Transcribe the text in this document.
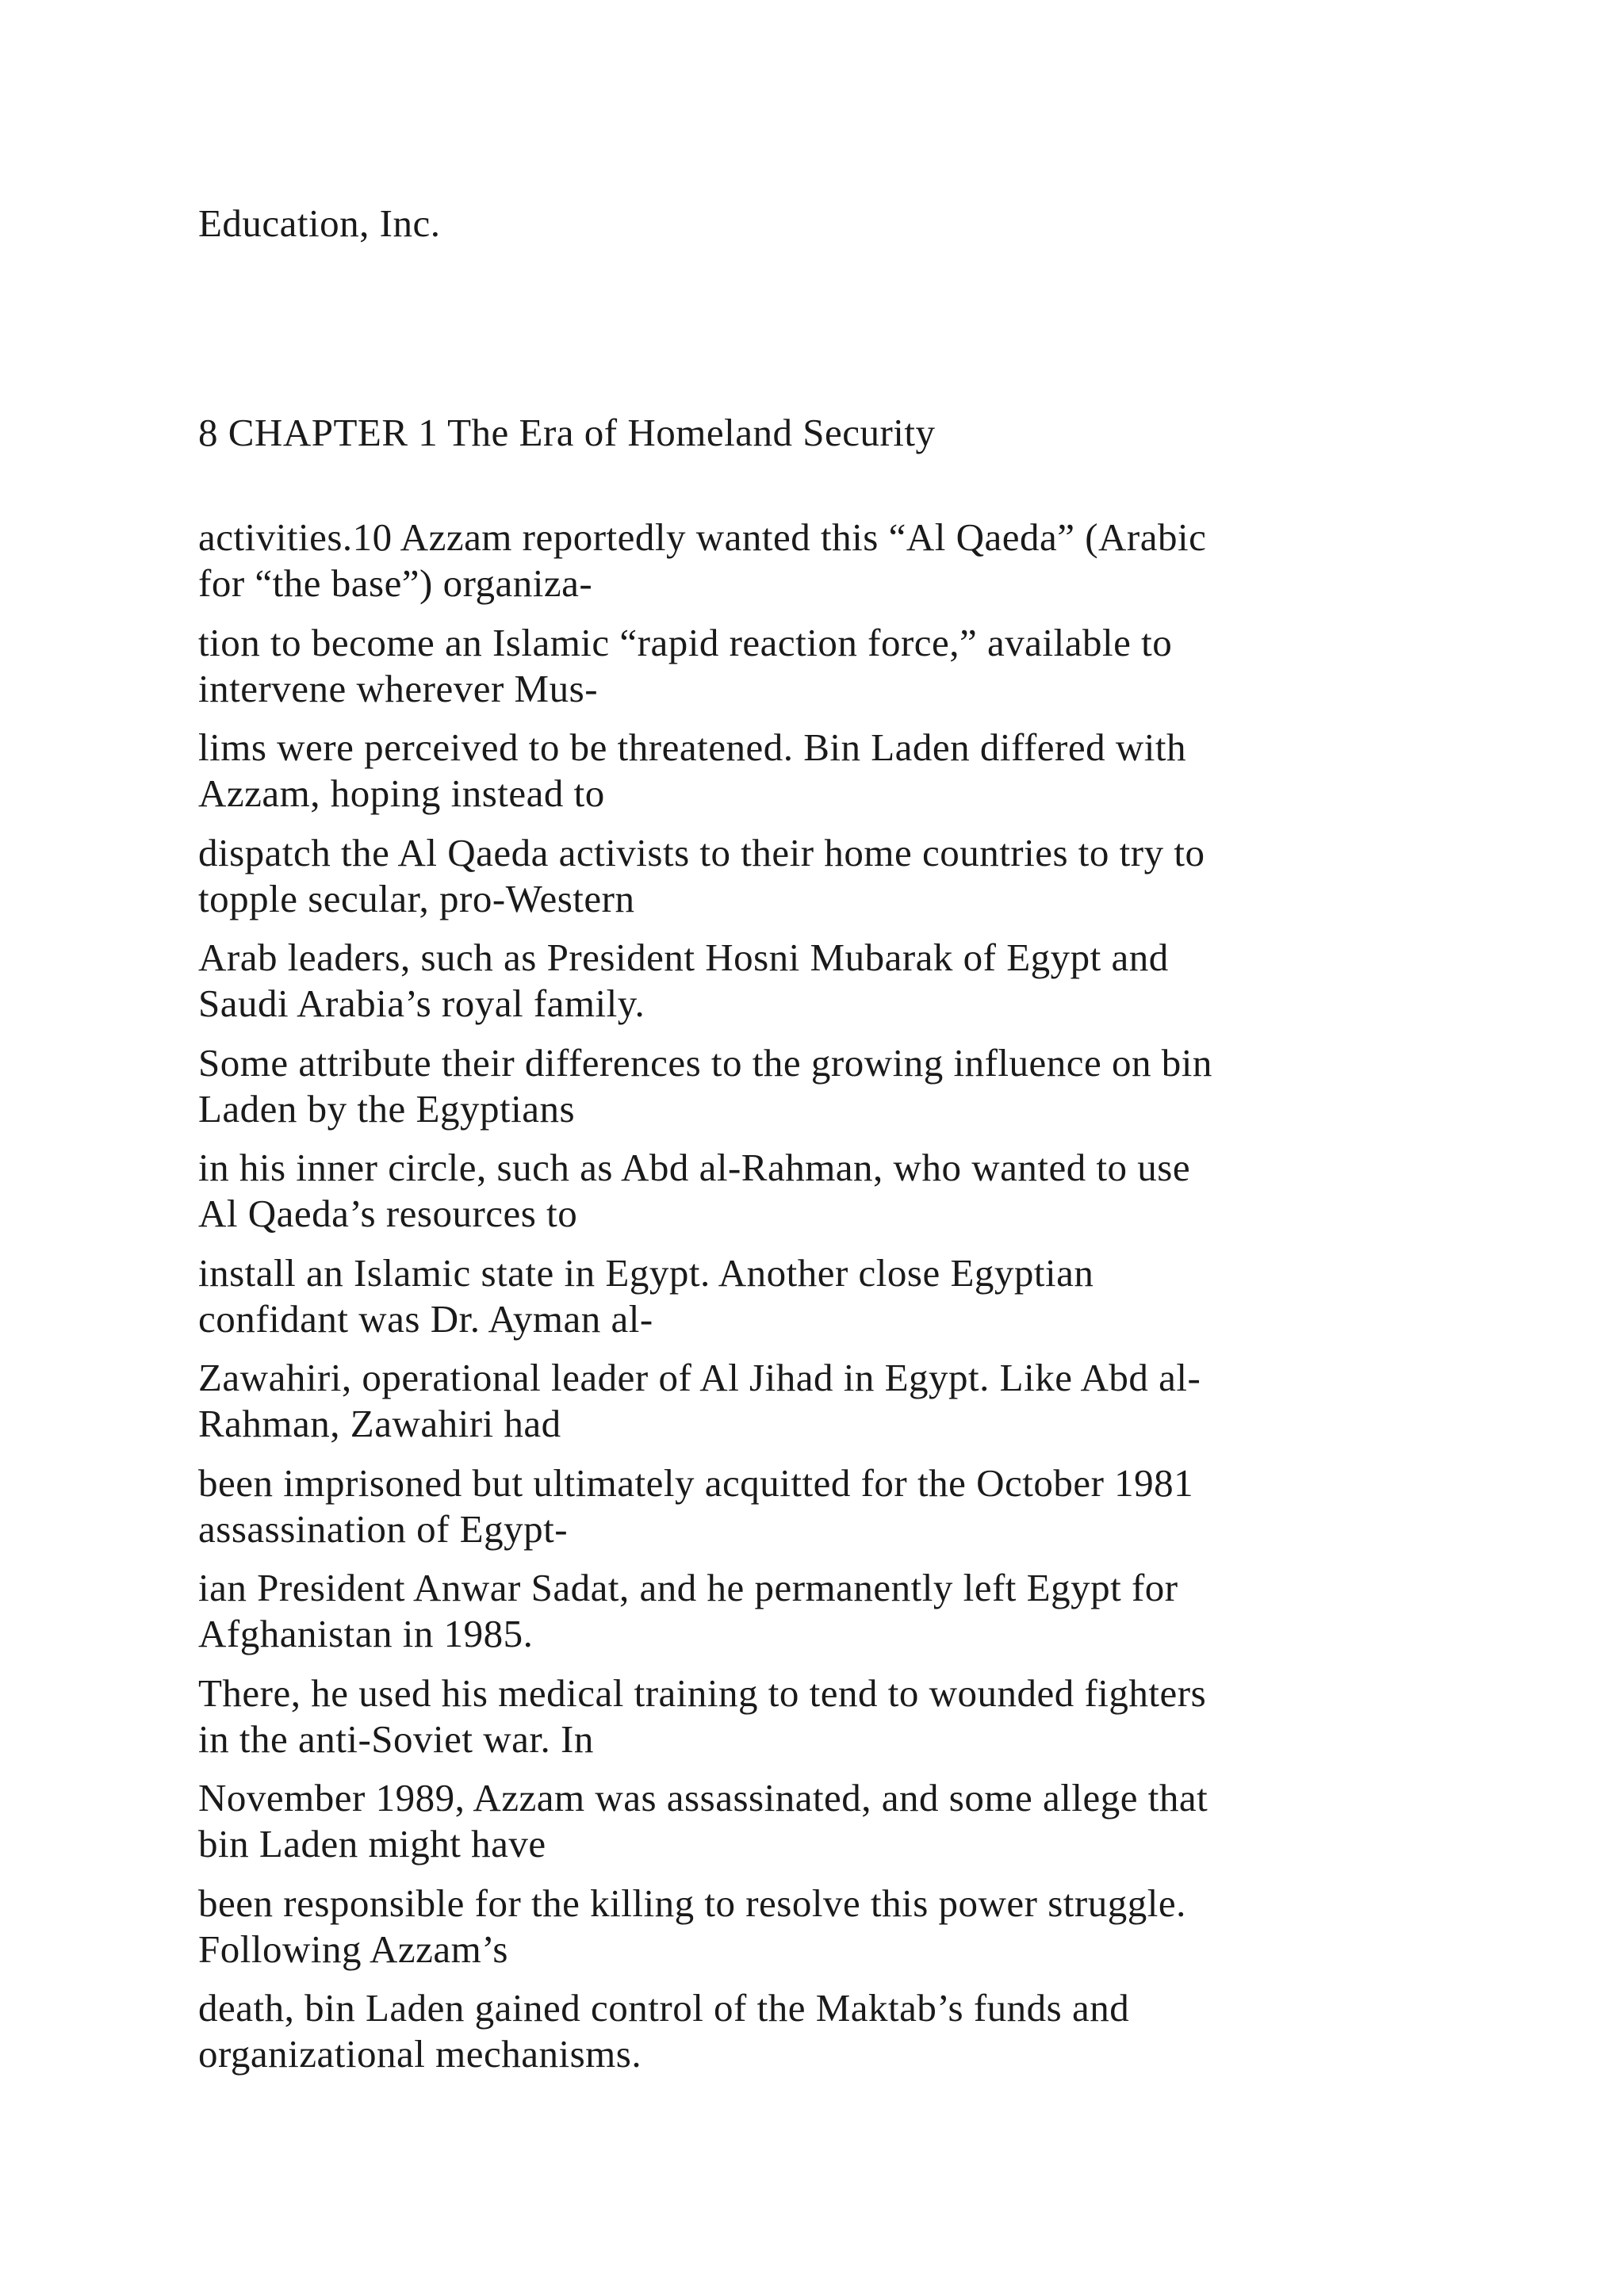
Education, Inc.
8 CHAPTER 1 The Era of Homeland Security
activities.10 Azzam reportedly wanted this “Al Qaeda” (Arabic
for “the base”) organiza-
tion to become an Islamic “rapid reaction force,” available to
intervene wherever Mus-
lims were perceived to be threatened. Bin Laden differed with
Azzam, hoping instead to
dispatch the Al Qaeda activists to their home countries to try to
topple secular, pro-Western
Arab leaders, such as President Hosni Mubarak of Egypt and
Saudi Arabia’s royal family.
Some attribute their differences to the growing influence on bin
Laden by the Egyptians
in his inner circle, such as Abd al-Rahman, who wanted to use
Al Qaeda’s resources to
install an Islamic state in Egypt. Another close Egyptian
confidant was Dr. Ayman al-
Zawahiri, operational leader of Al Jihad in Egypt. Like Abd al-
Rahman, Zawahiri had
been imprisoned but ultimately acquitted for the October 1981
assassination of Egypt-
ian President Anwar Sadat, and he permanently left Egypt for
Afghanistan in 1985.
There, he used his medical training to tend to wounded fighters
in the anti-Soviet war. In
November 1989, Azzam was assassinated, and some allege that
bin Laden might have
been responsible for the killing to resolve this power struggle.
Following Azzam’s
death, bin Laden gained control of the Maktab’s funds and
organizational mechanisms.
